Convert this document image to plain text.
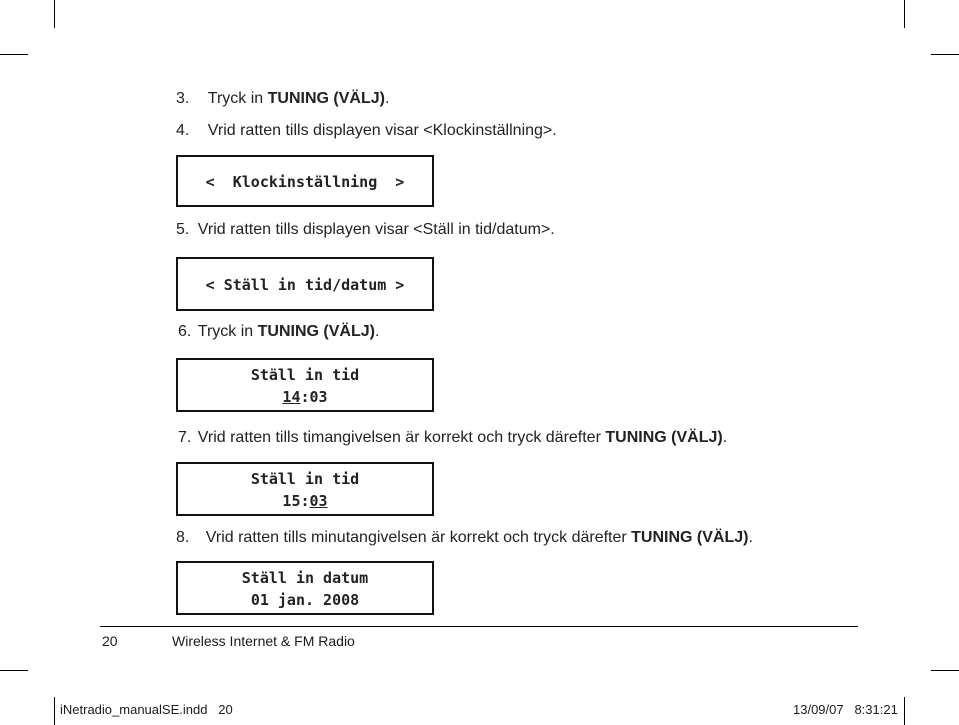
3. Tryck in TUNING (VÄLJ).
4. Vrid ratten tills displayen visar <Klockinställning>.
<  Klockinställning  >
5. Vrid ratten tills displayen visar <Ställ in tid/datum>.
< Ställ in tid/datum >
6. Tryck in TUNING (VÄLJ).
Ställ in tid
14:03
7. Vrid ratten tills timangivelsen är korrekt och tryck därefter TUNING (VÄLJ).
Ställ in tid
15:03
8. Vrid ratten tills minutangivelsen är korrekt och tryck därefter TUNING (VÄLJ).
Ställ in datum
01 jan. 2008
20	Wireless Internet & FM Radio
iNetradio_manualSE.indd   20	13/09/07   8:31:21
